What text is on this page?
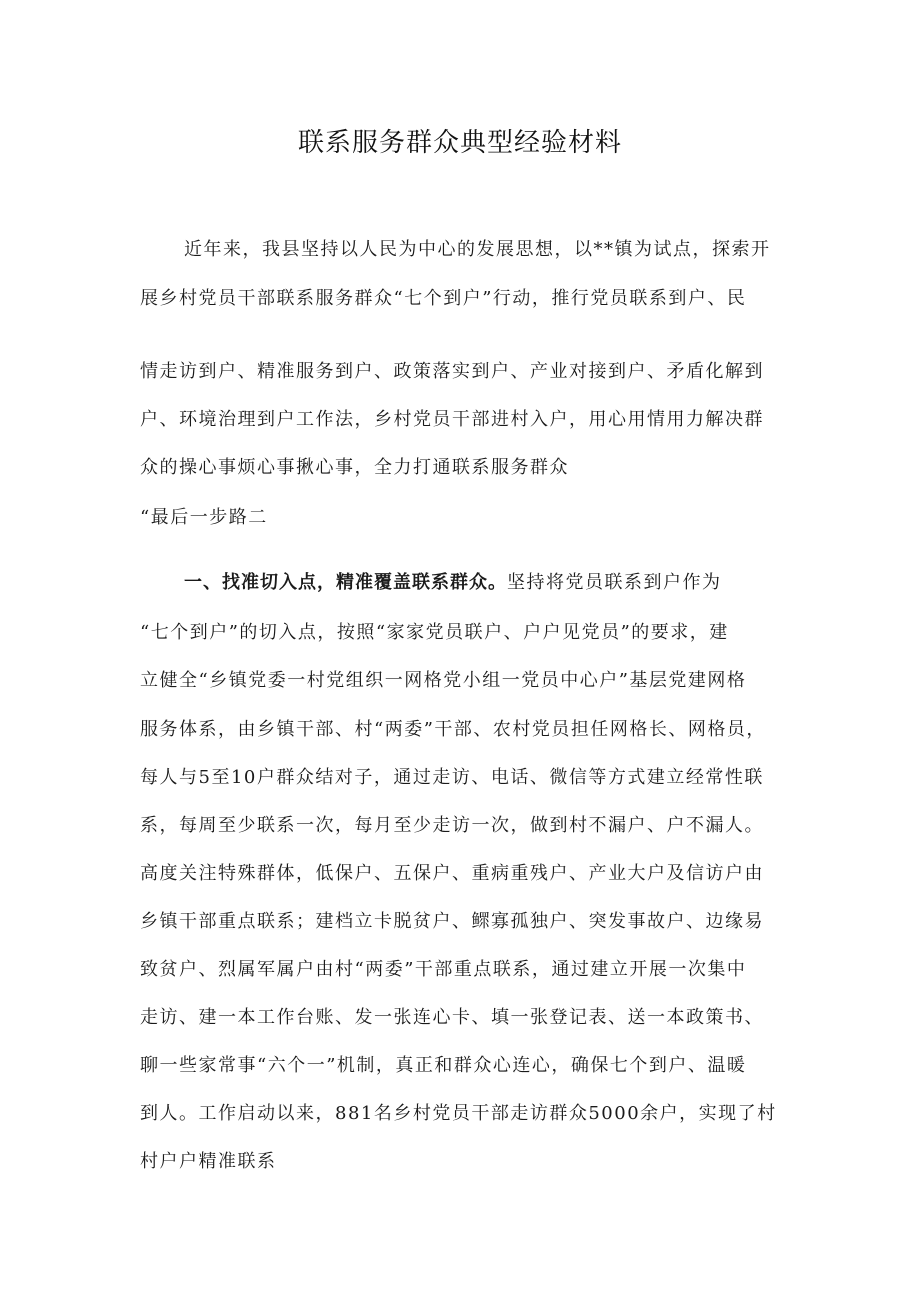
联系服务群众典型经验材料
近年来，我县坚持以人民为中心的发展思想，以**镇为试点，探索开
展乡村党员干部联系服务群众“七个到户”行动，推行党员联系到户、民
情走访到户、精准服务到户、政策落实到户、产业对接到户、矛盾化解到
户、环境治理到户工作法，乡村党员干部进村入户，用心用情用力解决群
众的操心事烦心事揪心事，全力打通联系服务群众
“最后一步路二
一、找准切入点，精准覆盖联系群众。坚持将党员联系到户作为
“七个到户”的切入点，按照“家家党员联户、户户见党员”的要求，建
立健全“乡镇党委一村党组织一网格党小组一党员中心户”基层党建网格
服务体系，由乡镇干部、村“两委”干部、农村党员担任网格长、网格员，
每人与5至10户群众结对子，通过走访、电话、微信等方式建立经常性联
系，每周至少联系一次，每月至少走访一次，做到村不漏户、户不漏人。
高度关注特殊群体，低保户、五保户、重病重残户、产业大户及信访户由
乡镇干部重点联系；建档立卡脱贫户、鳏寡孤独户、突发事故户、边缘易
致贫户、烈属军属户由村“两委”干部重点联系，通过建立开展一次集中
走访、建一本工作台账、发一张连心卡、填一张登记表、送一本政策书、
聊一些家常事“六个一”机制，真正和群众心连心，确保七个到户、温暖
到人。工作启动以来，881名乡村党员干部走访群众5000余户，实现了村
村户户精准联系
